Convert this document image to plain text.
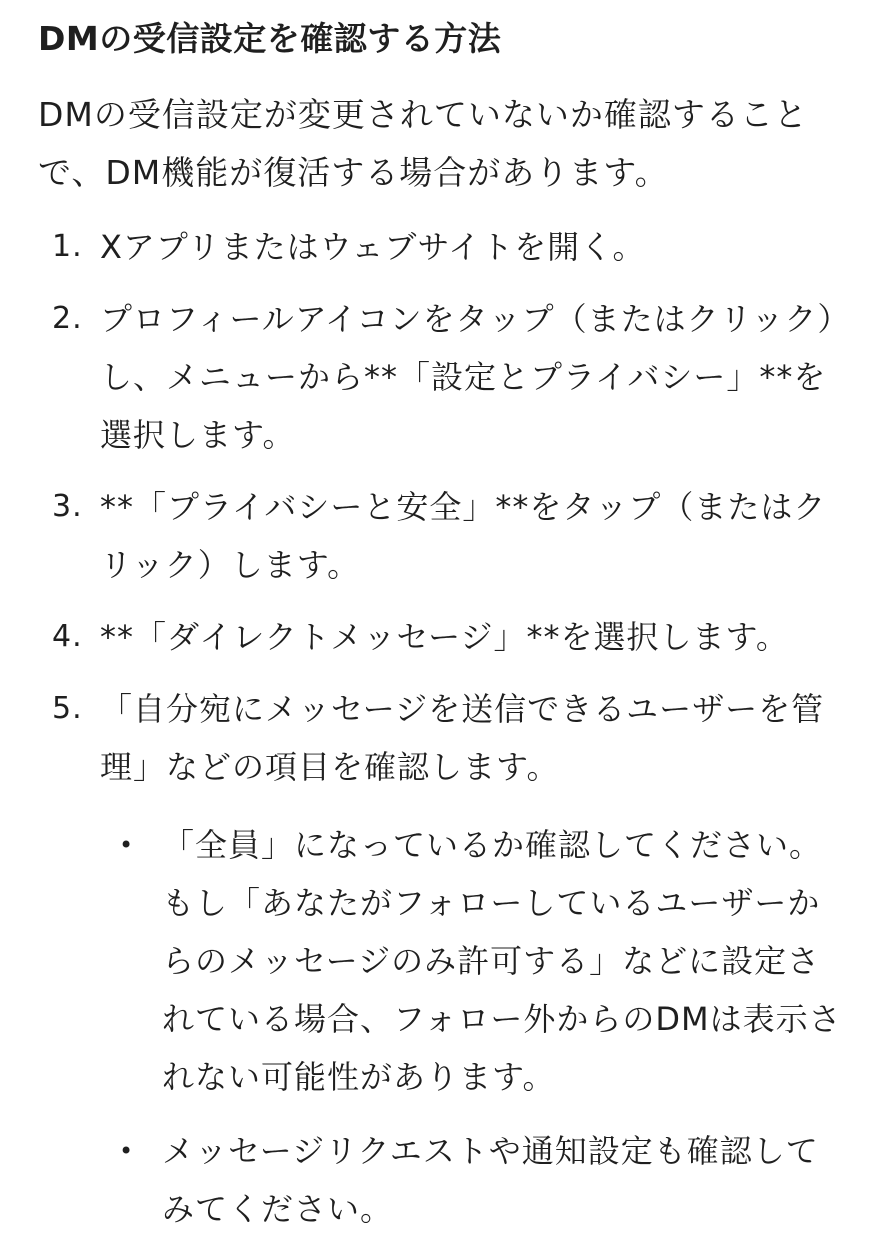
DMの受信設定を確認する方法

DMの受信設定が変更されていないか確認することで、DM機能が復活する場合があります。

1. Xアプリまたはウェブサイトを開く。
2. プロフィールアイコンをタップ（またはクリック）し、メニューから**「設定とプライバシー」**を選択します。
3. **「プライバシーと安全」**をタップ（またはクリック）します。
4. **「ダイレクトメッセージ」**を選択します。
5. 「自分宛にメッセージを送信できるユーザーを管理」などの項目を確認します。
• 「全員」になっているか確認してください。もし「あなたがフォローしているユーザーからのメッセージのみ許可する」などに設定されている場合、フォロー外からのDMは表示されない可能性があります。
• メッセージリクエストや通知設定も確認してみてください。
